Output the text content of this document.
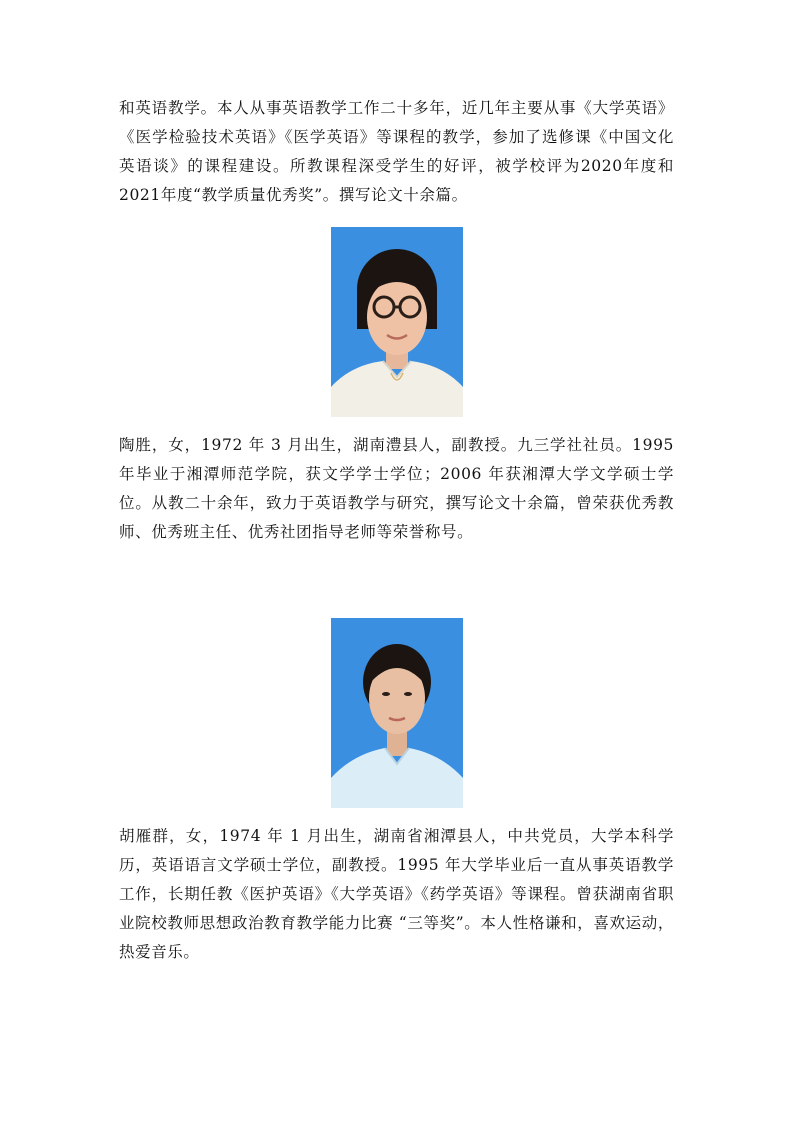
和英语教学。本人从事英语教学工作二十多年，近几年主要从事《大学英语》《医学检验技术英语》《医学英语》等课程的教学，参加了选修课《中国文化英语谈》的课程建设。所教课程深受学生的好评，被学校评为2020年度和2021年度“教学质量优秀奖”。撰写论文十余篇。

陶胜，女，1972 年 3 月出生，湖南澧县人，副教授。九三学社社员。1995 年毕业于湘潭师范学院，获文学学士学位；2006 年获湘潭大学文学硕士学位。从教二十余年，致力于英语教学与研究，撰写论文十余篇，曾荣获优秀教师、优秀班主任、优秀社团指导老师等荣誉称号。

胡雁群，女，1974 年 1 月出生，湖南省湘潭县人，中共党员，大学本科学历，英语语言文学硕士学位，副教授。1995 年大学毕业后一直从事英语教学工作，长期任教《医护英语》《大学英语》《药学英语》等课程。曾获湖南省职业院校教师思想政治教育教学能力比赛 “三等奖”。本人性格谦和，喜欢运动，热爱音乐。
